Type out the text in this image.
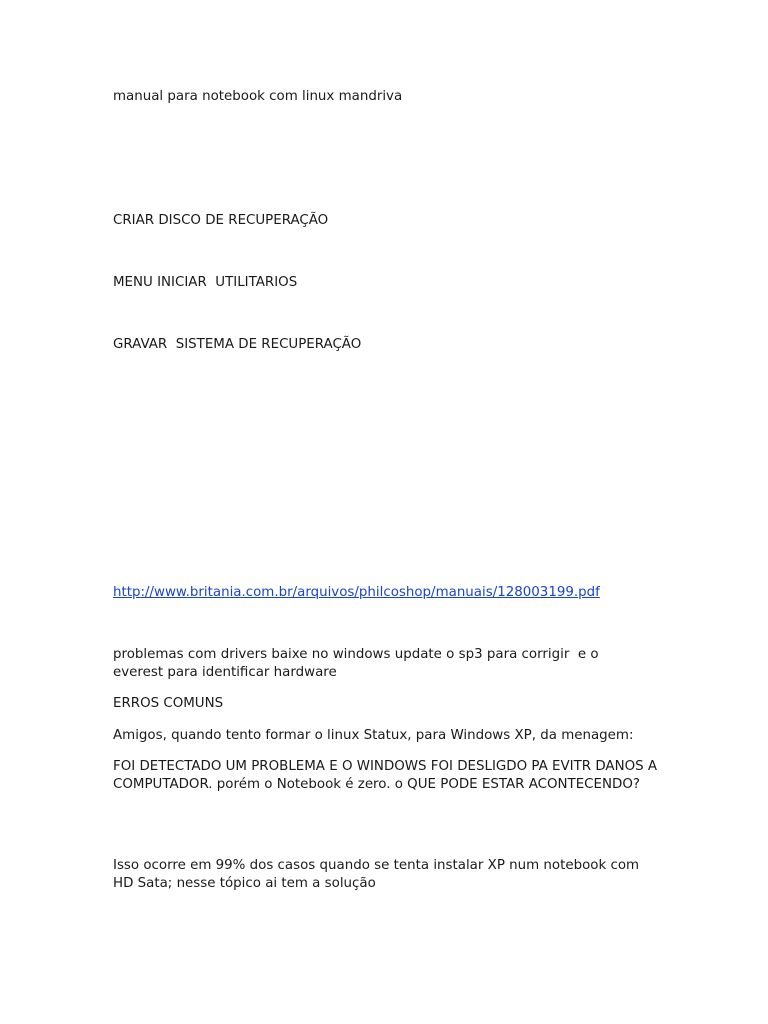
manual para notebook com linux mandriva

CRIAR DISCO DE RECUPERAÇÃO

MENU INICIAR  UTILITARIOS

GRAVAR  SISTEMA DE RECUPERAÇÃO

http://www.britania.com.br/arquivos/philcoshop/manuais/128003199.pdf

problemas com drivers baixe no windows update o sp3 para corrigir  e o everest para identificar hardware

ERROS COMUNS

Amigos, quando tento formar o linux Statux, para Windows XP, da menagem:

FOI DETECTADO UM PROBLEMA E O WINDOWS FOI DESLIGDO PA EVITR DANOS A COMPUTADOR. porém o Notebook é zero. o QUE PODE ESTAR ACONTECENDO?

Isso ocorre em 99% dos casos quando se tenta instalar XP num notebook com HD Sata; nesse tópico ai tem a solução
